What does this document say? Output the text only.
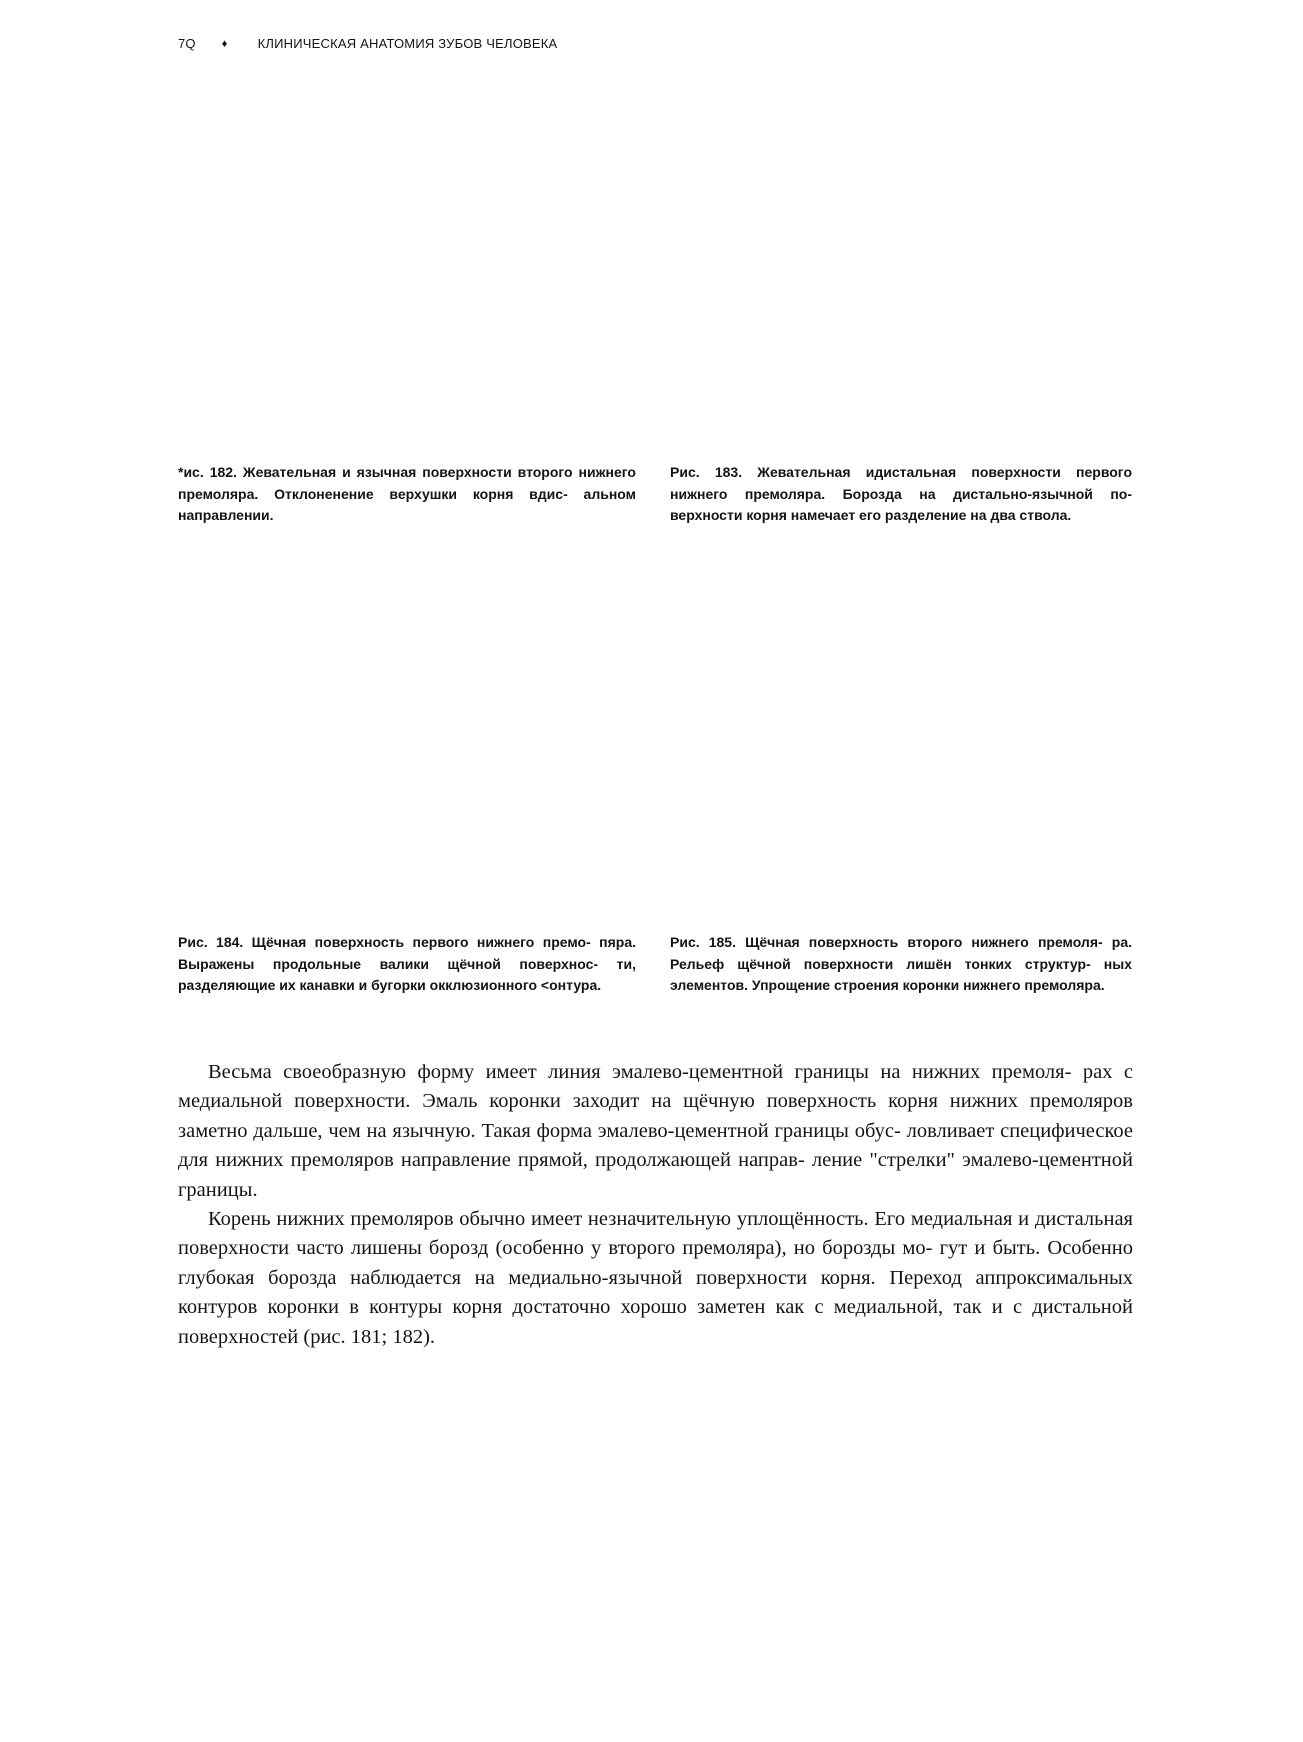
7Q ♦ КЛИНИЧЕСКАЯ АНАТОМИЯ ЗУБОВ ЧЕЛОВЕКА

*ис. 182. Жевательная и язычная поверхности второго нижнего премоляра. Отклоненение верхушки корня вдис- альном направлении.

Рис. 183. Жевательная идистальная поверхности первого нижнего премоляра. Борозда на дистально-язычной по- верхности корня намечает его разделение на два ствола.

Рис. 184. Щёчная поверхность первого нижнего премо- пяра. Выражены продольные валики щёчной поверхнос- ти, разделяющие их канавки и бугорки окклюзионного <онтура.

Рис. 185. Щёчная поверхность второго нижнего премоля- ра. Рельеф щёчной поверхности лишён тонких структур- ных элементов. Упрощение строения коронки нижнего премоляра.

Весьма своеобразную форму имеет линия эмалево-цементной границы на нижних премоля- рах с медиальной поверхности. Эмаль коронки заходит на щёчную поверхность корня нижних премоляров заметно дальше, чем на язычную. Такая форма эмалево-цементной границы обус- ловливает специфическое для нижних премоляров направление прямой, продолжающей направ- ление "стрелки" эмалево-цементной границы.

Корень нижних премоляров обычно имеет незначительную уплощённость. Его медиальная и дистальная поверхности часто лишены борозд (особенно у второго премоляра), но борозды мо- гут и быть. Особенно глубокая борозда наблюдается на медиально-язычной поверхности корня. Переход аппроксимальных контуров коронки в контуры корня достаточно хорошо заметен как с медиальной, так и с дистальной поверхностей (рис. 181; 182).
